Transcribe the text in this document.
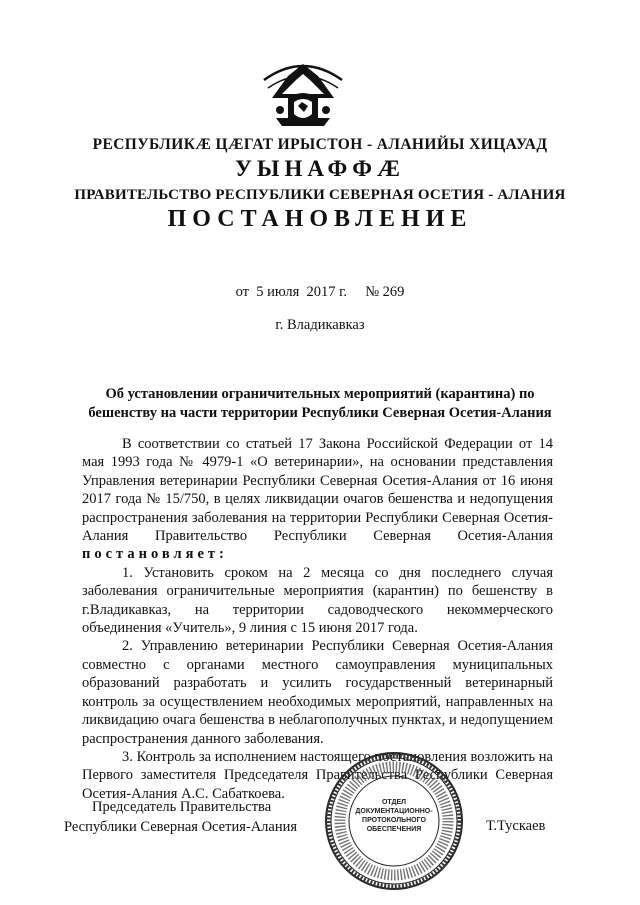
РЕСПУБЛИКÆ ЦÆГАТ ИРЫСТОН - АЛАНИЙЫ ХИЦАУАД
УЫНАФФÆ
ПРАВИТЕЛЬСТВО РЕСПУБЛИКИ СЕВЕРНАЯ ОСЕТИЯ - АЛАНИЯ
ПОСТАНОВЛЕНИЕ
от 5 июля  2017 г. № 269
г. Владикавказ
Об установлении ограничительных мероприятий (карантина) по
бешенству на части территории Республики Северная Осетия-Алания

В соответствии со статьей 17 Закона Российской Федерации от 14 мая 1993 года № 4979-1 «О ветеринарии», на основании представления Управления ветеринарии Республики Северная Осетия-Алания от 16 июня 2017 года № 15/750, в целях ликвидации очагов бешенства и недопущения распространения заболевания на территории Республики Северная Осетия-Алания Правительство Республики Северная Осетия-Алания постановляет:

1. Установить сроком на 2 месяца со дня последнего случая заболевания ограничительные мероприятия (карантин) по бешенству в г.Владикавказ, на территории садоводческого некоммерческого объединения «Учитель», 9 линия с 15 июня 2017 года.

2. Управлению ветеринарии Республики Северная Осетия-Алания совместно с органами местного самоуправления муниципальных образований разработать и усилить государственный ветеринарный контроль за осуществлением необходимых мероприятий, направленных на ликвидацию очага бешенства в неблагополучных пунктах, и недопущением распространения данного заболевания.

3. Контроль за исполнением настоящего постановления возложить на Первого заместителя Председателя Правительства Республики Северная Осетия-Алания А.С. Сабаткоева.

Председатель Правительства
Республики Северная Осетия-Алания
ОТДЕЛ
ДОКУМЕНТАЦИОННО-
ПРОТОКОЛЬНОГО
ОБЕСПЕЧЕНИЯ	Т.Тускаев
